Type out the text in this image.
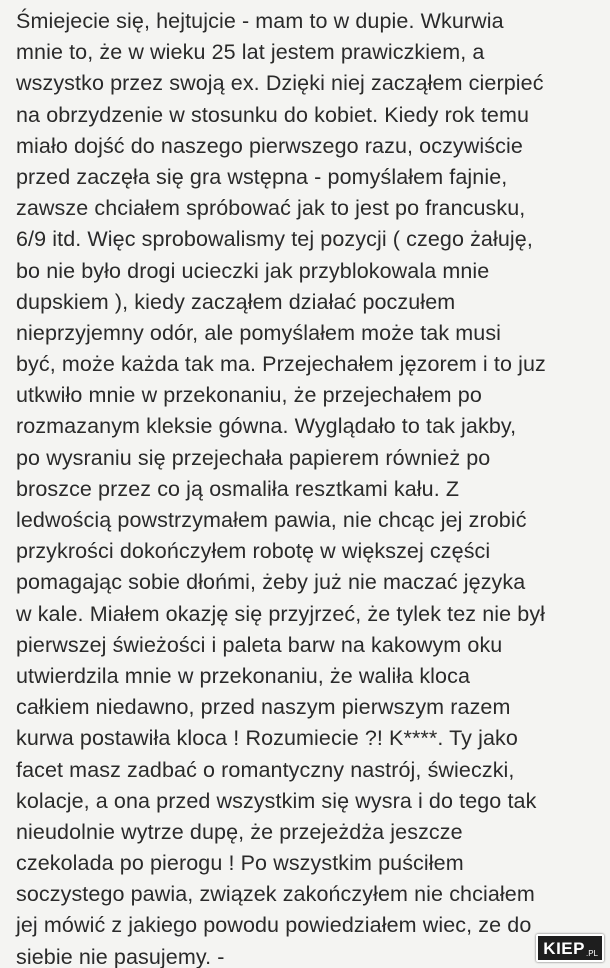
Śmiejecie się, hejtujcie - mam to w dupie. Wkurwia
mnie to, że w wieku 25 lat jestem prawiczkiem, a
wszystko przez swoją ex. Dzięki niej zacząłem cierpieć
na obrzydzenie w stosunku do kobiet. Kiedy rok temu
miało dojść do naszego pierwszego razu, oczywiście
przed zaczęła się gra wstępna - pomyślałem fajnie,
zawsze chciałem spróbować jak to jest po francusku,
6/9 itd. Więc sprobowalismy tej pozycji ( czego żałuję,
bo nie było drogi ucieczki jak przyblokowala mnie
dupskiem ), kiedy zacząłem działać poczułem
nieprzyjemny odór, ale pomyślałem może tak musi
być, może każda tak ma. Przejechałem jęzorem i to juz
utkwiło mnie w przekonaniu, że przejechałem po
rozmazanym kleksie gówna. Wyglądało to tak jakby,
po wysraniu się przejechała papierem również po
broszce przez co ją osmaliła resztkami kału. Z
ledwością powstrzymałem pawia, nie chcąc jej zrobić
przykrości dokończyłem robotę w większej części
pomagając sobie dłońmi, żeby już nie maczać języka
w kale. Miałem okazję się przyjrzeć, że tylek tez nie był
pierwszej świeżości i paleta barw na kakowym oku
utwierdzila mnie w przekonaniu, że waliła kloca
całkiem niedawno, przed naszym pierwszym razem
kurwa postawiła kloca ! Rozumiecie ?! K****. Ty jako
facet masz zadbać o romantyczny nastrój, świeczki,
kolacje, a ona przed wszystkim się wysra i do tego tak
nieudolnie wytrze dupę, że przejeżdża jeszcze
czekolada po pierogu ! Po wszystkim puściłem
soczystego pawia, związek zakończyłem nie chciałem
jej mówić z jakiego powodu powiedziałem wiec, ze do
siebie nie pasujemy. -	KIEP .PL
